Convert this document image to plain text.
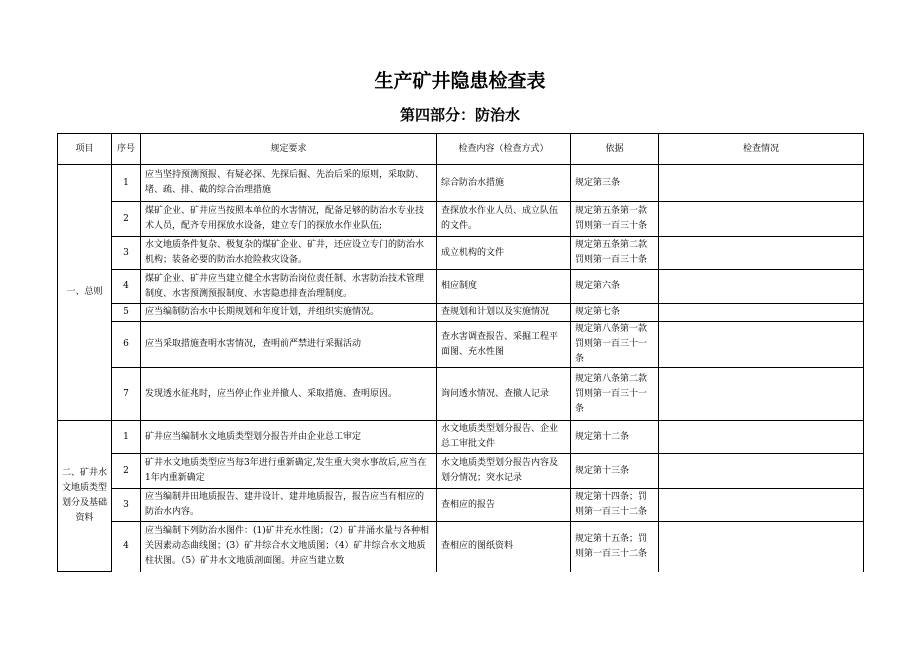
生产矿井隐患检查表
第四部分：防治水
项目	序号	规定要求	检查内容（检查方式）	依据	检查情况
一、总则	1	应当坚持预测预报、有疑必探、先探后掘、先治后采的原则，采取防、堵、疏、排、截的综合治理措施	综合防治水措施	规定第三条	
	2	煤矿企业、矿井应当按照本单位的水害情况，配备足够的防治水专业技术人员，配齐专用探放水设备，建立专门的探放水作业队伍;	查探放水作业人员、成立队伍的文件。	规定第五条第一款罚则第一百三十条	
	3	水文地质条件复杂、极复杂的煤矿企业、矿井，还应设立专门的防治水机构；装备必要的防治水抢险救灾设备。	成立机构的文件	规定第五条第二款罚则第一百三十条	
	4	煤矿企业、矿井应当建立健全水害防治岗位责任制、水害防治技术管理制度、水害预测预报制度、水害隐患排查治理制度。	相应制度	规定第六条	
	5	应当编制防治水中长期规划和年度计划，并组织实施情况。	查规划和计划以及实施情况	规定第七条	
	6	应当采取措施查明水害情况，查明前严禁进行采掘活动	查水害调查报告、采掘工程平面图、充水性图	规定第八条第一款罚则第一百三十一条	
	7	发现透水征兆时，应当停止作业并撤人、采取措施、查明原因。	询问透水情况、查撤人记录	规定第八条第二款罚则第一百三十一条	
二、矿井水文地质类型划分及基础资料	1	矿井应当编制水文地质类型划分报告并由企业总工审定	水文地质类型划分报告、企业总工审批文件	规定第十二条	
	2	矿井水文地质类型应当每3年进行重新确定,发生重大突水事故后,应当在1年内重新确定	水文地质类型划分报告内容及划分情况；突水记录	规定第十三条	
	3	应当编制井田地质报告、建井设计、建井地质报告，报告应当有相应的防治水内容。	查相应的报告	规定第十四条；罚则第一百三十二条	
	4	应当编制下列防治水图件：(1)矿井充水性图；（2）矿井涌水量与各种相关因素动态曲线图；(3）矿井综合水文地质图；（4）矿井综合水文地质柱状图。（5）矿井水文地质剖面图。并应当建立数	查相应的图纸资料	规定第十五条；罚则第一百三十二条	
